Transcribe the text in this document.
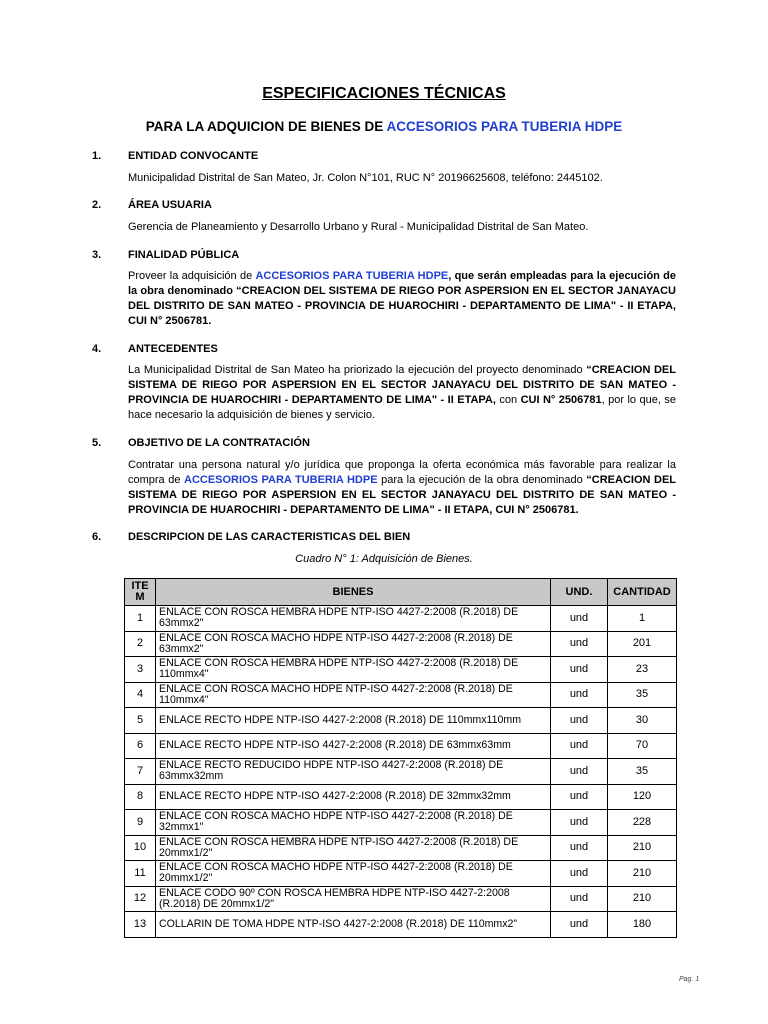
ESPECIFICACIONES TÉCNICAS
PARA LA ADQUICION DE BIENES DE ACCESORIOS PARA TUBERIA HDPE
1. ENTIDAD CONVOCANTE
Municipalidad Distrital de San Mateo, Jr. Colon N°101, RUC N° 20196625608, teléfono: 2445102.
2. ÁREA USUARIA
Gerencia de Planeamiento y Desarrollo Urbano y Rural - Municipalidad Distrital de San Mateo.
3. FINALIDAD PÚBLICA
Proveer la adquisición de ACCESORIOS PARA TUBERIA HDPE, que serán empleadas para la ejecución de la obra denominado “CREACION DEL SISTEMA DE RIEGO POR ASPERSION EN EL SECTOR JANAYACU DEL DISTRITO DE SAN MATEO - PROVINCIA DE HUAROCHIRI - DEPARTAMENTO DE LIMA" - II ETAPA, CUI N° 2506781.
4. ANTECEDENTES
La Municipalidad Distrital de San Mateo ha priorizado la ejecución del proyecto denominado “CREACION DEL SISTEMA DE RIEGO POR ASPERSION EN EL SECTOR JANAYACU DEL DISTRITO DE SAN MATEO - PROVINCIA DE HUAROCHIRI - DEPARTAMENTO DE LIMA" - II ETAPA, con CUI N° 2506781, por lo que, se hace necesario la adquisición de bienes y servicio.
5. OBJETIVO DE LA CONTRATACIÓN
Contratar una persona natural y/o jurídica que proponga la oferta económica más favorable para realizar la compra de ACCESORIOS PARA TUBERIA HDPE para la ejecución de la obra denominado “CREACION DEL SISTEMA DE RIEGO POR ASPERSION EN EL SECTOR JANAYACU DEL DISTRITO DE SAN MATEO - PROVINCIA DE HUAROCHIRI - DEPARTAMENTO DE LIMA" - II ETAPA, CUI N° 2506781.
6. DESCRIPCION DE LAS CARACTERISTICAS DEL BIEN
Cuadro N° 1: Adquisición de Bienes.
ITE
M	BIENES	UND.	CANTIDAD
1	ENLACE CON ROSCA HEMBRA HDPE NTP-ISO 4427-2:2008 (R.2018) DE 63mmx2"	und	1
2	ENLACE CON ROSCA MACHO HDPE NTP-ISO 4427-2:2008 (R.2018) DE 63mmx2"	und	201
3	ENLACE CON ROSCA HEMBRA HDPE NTP-ISO 4427-2:2008 (R.2018) DE 110mmx4"	und	23
4	ENLACE CON ROSCA MACHO HDPE NTP-ISO 4427-2:2008 (R.2018) DE 110mmx4"	und	35
5	ENLACE RECTO HDPE NTP-ISO 4427-2:2008 (R.2018) DE 110mmx110mm	und	30
6	ENLACE RECTO HDPE NTP-ISO 4427-2:2008 (R.2018) DE 63mmx63mm	und	70
7	ENLACE RECTO REDUCIDO HDPE NTP-ISO 4427-2:2008 (R.2018) DE 63mmx32mm	und	35
8	ENLACE RECTO HDPE NTP-ISO 4427-2:2008 (R.2018) DE 32mmx32mm	und	120
9	ENLACE CON ROSCA MACHO HDPE NTP-ISO 4427-2:2008 (R.2018) DE 32mmx1"	und	228
10	ENLACE CON ROSCA HEMBRA HDPE NTP-ISO 4427-2:2008 (R.2018) DE 20mmx1/2"	und	210
11	ENLACE CON ROSCA MACHO HDPE NTP-ISO 4427-2:2008 (R.2018) DE 20mmx1/2"	und	210
12	ENLACE CODO 90º CON ROSCA HEMBRA HDPE NTP-ISO 4427-2:2008 (R.2018) DE 20mmx1/2"	und	210
13	COLLARIN DE TOMA HDPE NTP-ISO 4427-2:2008 (R.2018) DE 110mmx2"	und	180
Pag. 1
